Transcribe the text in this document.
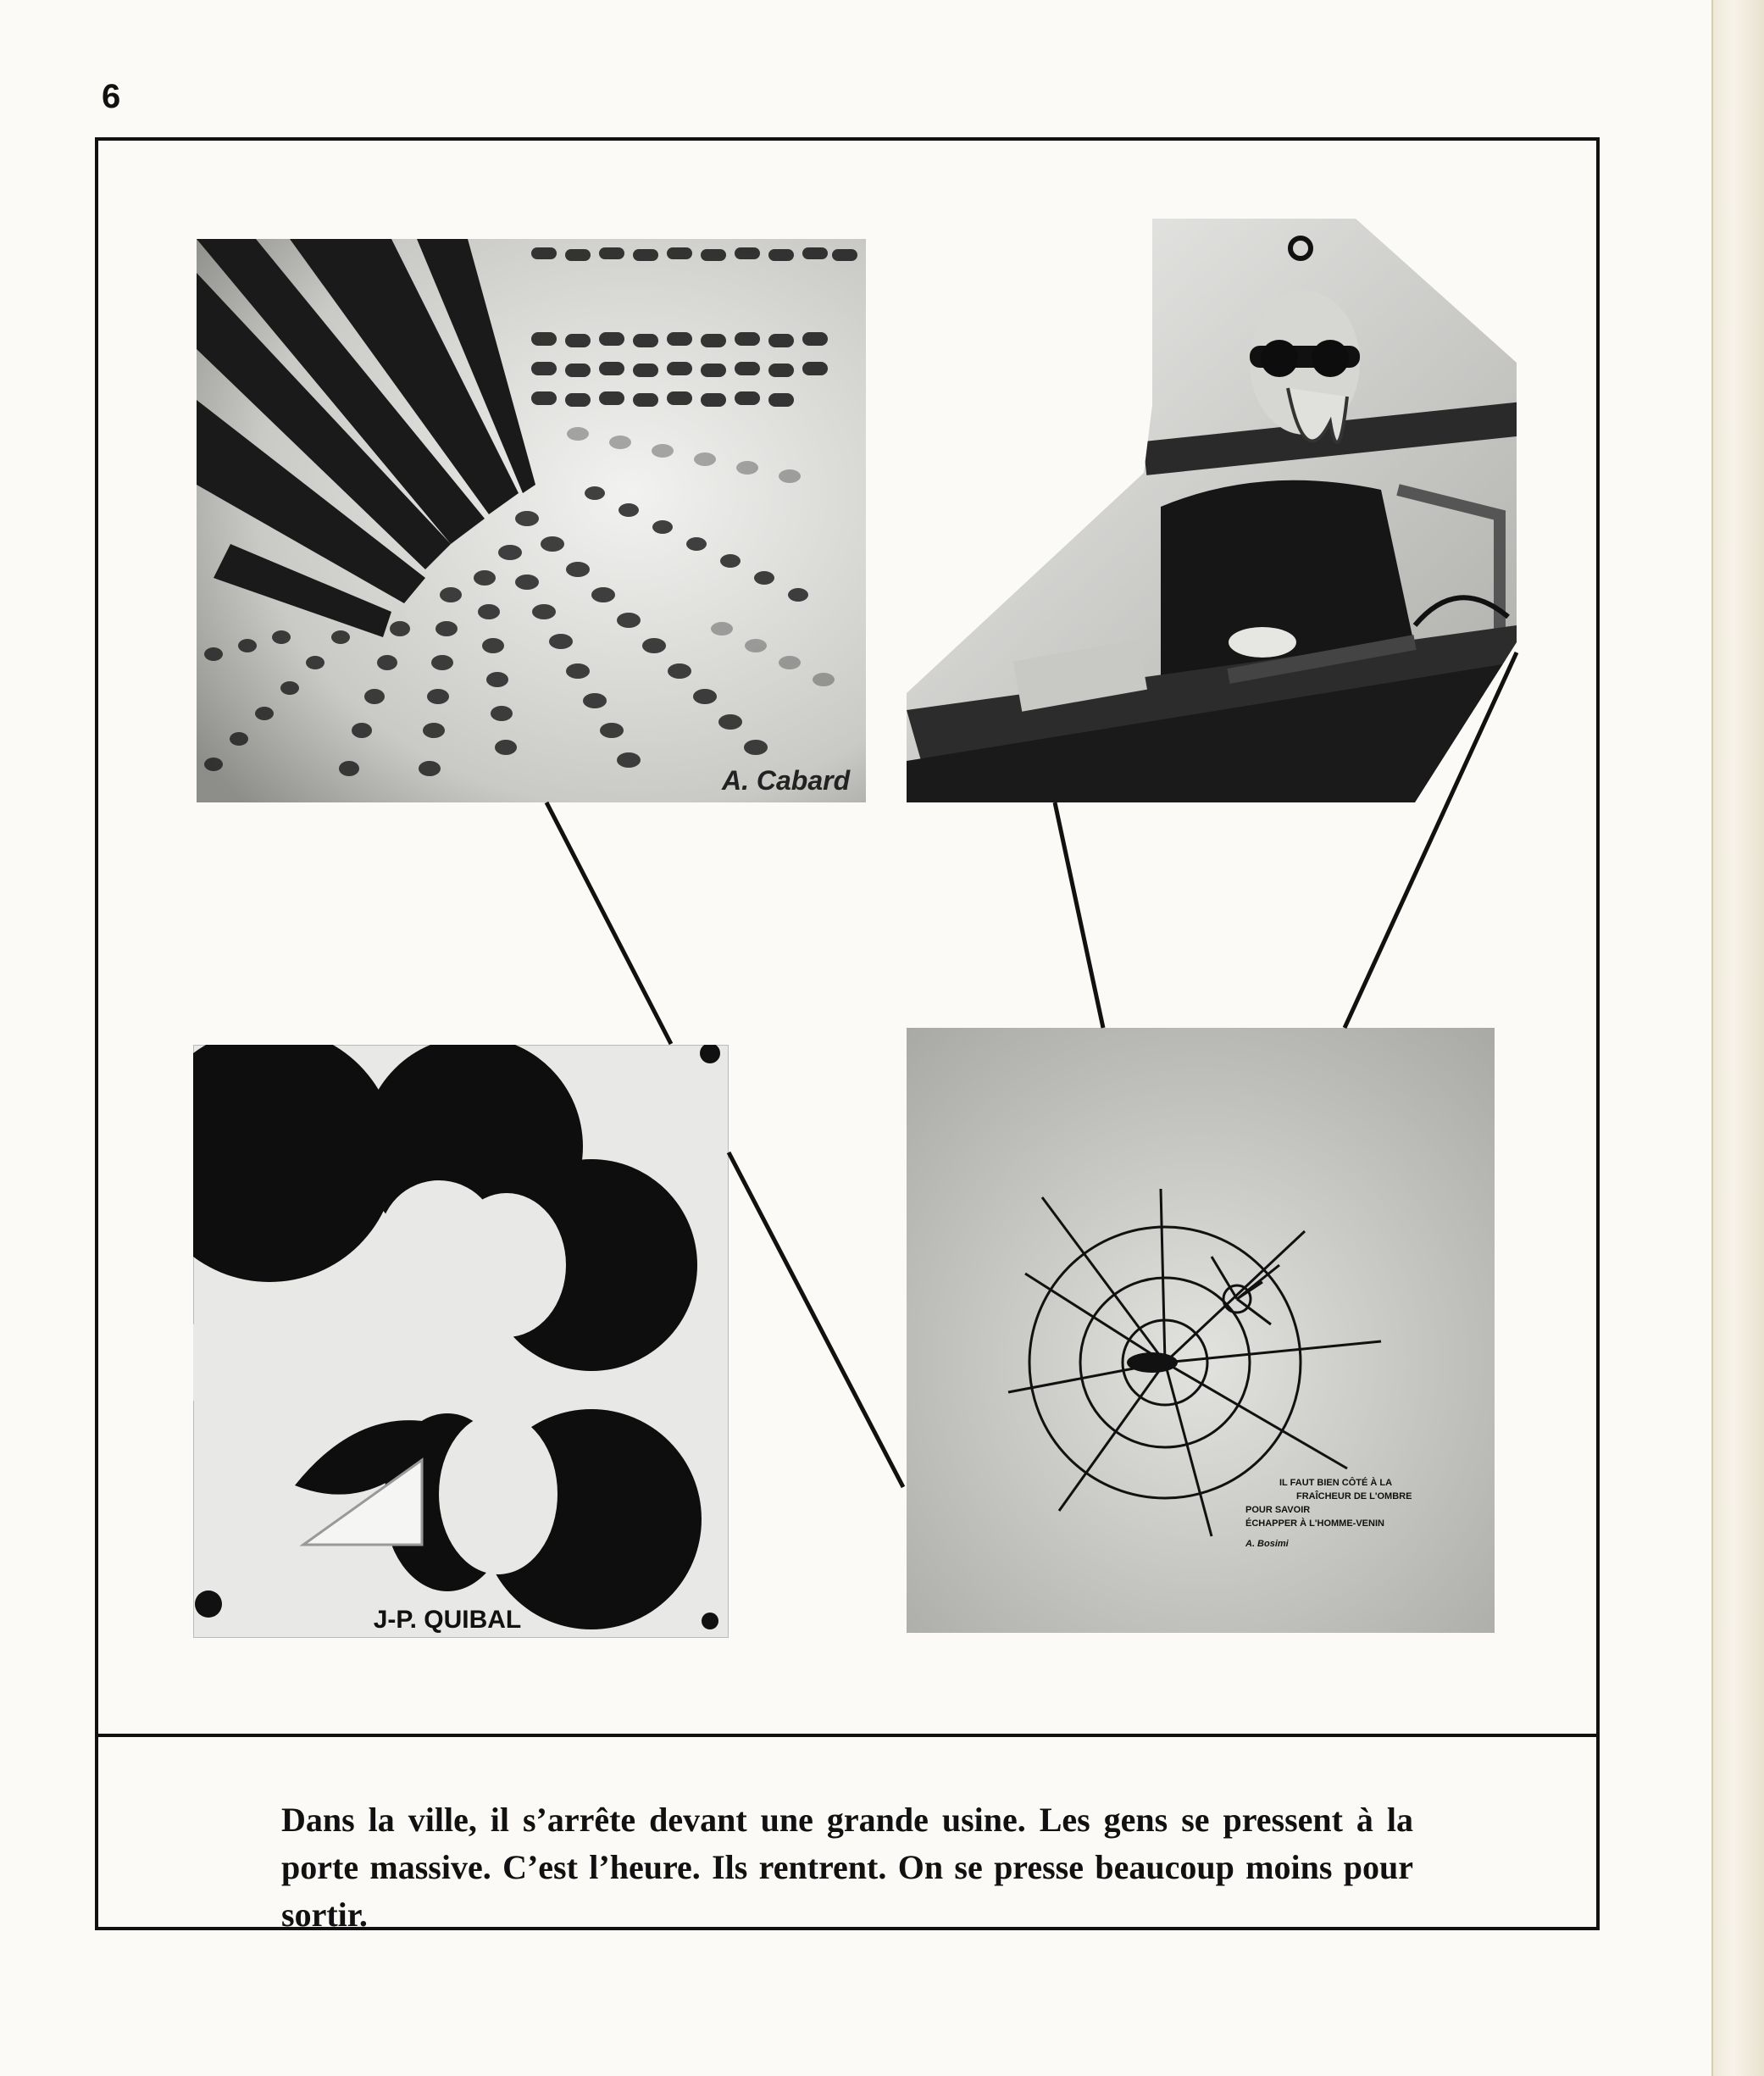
6
A. Cabard
J-P. QUIBAL
IL FAUT BIEN CÔTÉ À LA
FRAÎCHEUR DE L'OMBRE
POUR SAVOIR
ÉCHAPPER À L'HOMME-VENIN
A. Bosimi

Dans la ville, il s’arrête devant une grande usine. Les gens se pressent à la porte massive. C’est l’heure. Ils rentrent. On se presse beaucoup moins pour sortir.
